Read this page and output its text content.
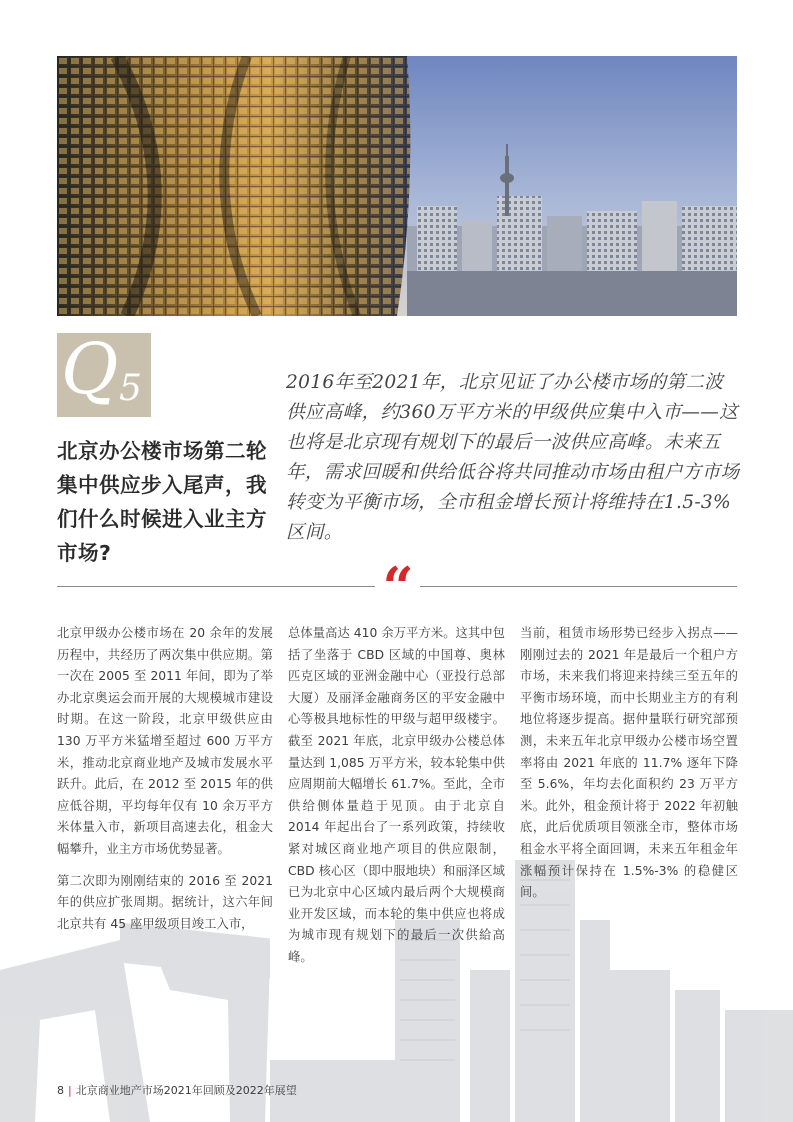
Q 5
北京办公楼市场第二轮集中供应步入尾声，我们什么时候进入业主方市场?
2016年至2021年，北京见证了办公楼市场的第二波供应高峰，约360万平方米的甲级供应集中入市——这也将是北京现有规划下的最后一波供应高峰。未来五年，需求回暖和供给低谷将共同推动市场由租户方市场转变为平衡市场，全市租金增长预计将维持在1.5-3%区间。
“

北京甲级办公楼市场在 20 余年的发展历程中，共经历了两次集中供应期。第一次在 2005 至 2011 年间，即为了举办北京奥运会而开展的大规模城市建设时期。在这一阶段，北京甲级供应由 130 万平方米猛增至超过 600 万平方米，推动北京商业地产及城市发展水平跃升。此后，在 2012 至 2015 年的供应低谷期，平均每年仅有 10 余万平方米体量入市，新项目高速去化，租金大幅攀升，业主方市场优势显著。

第二次即为刚刚结束的 2016 至 2021 年的供应扩张周期。据统计，这六年间北京共有 45 座甲级项目竣工入市，

总体量高达 410 余万平方米。这其中包括了坐落于 CBD 区域的中国尊、奥林匹克区域的亚洲金融中心（亚投行总部大厦）及丽泽金融商务区的平安金融中心等极具地标性的甲级与超甲级楼宇。截至 2021 年底，北京甲级办公楼总体量达到 1,085 万平方米，较本轮集中供应周期前大幅增长 61.7%。至此，全市供给侧体量趋于见顶。由于北京自 2014 年起出台了一系列政策，持续收紧对城区商业地产项目的供应限制，CBD 核心区（即中服地块）和丽泽区域已为北京中心区域内最后两个大规模商业开发区域，而本轮的集中供应也将成为城市现有规划下的最后一次供給高峰。

当前，租赁市场形势已经步入拐点——刚刚过去的 2021 年是最后一个租户方市场，未来我们将迎来持续三至五年的平衡市场环境，而中长期业主方的有利地位将逐步提高。据仲量联行研究部预测，未来五年北京甲级办公楼市场空置率将由 2021 年底的 11.7% 逐年下降至 5.6%，年均去化面积约 23 万平方米。此外，租金预计将于 2022 年初触底，此后优质项目领涨全市，整体市场租金水平将全面回调，未来五年租金年涨幅预计保持在 1.5%-3% 的稳健区间。

8 | 北京商业地产市场2021年回顾及2022年展望
